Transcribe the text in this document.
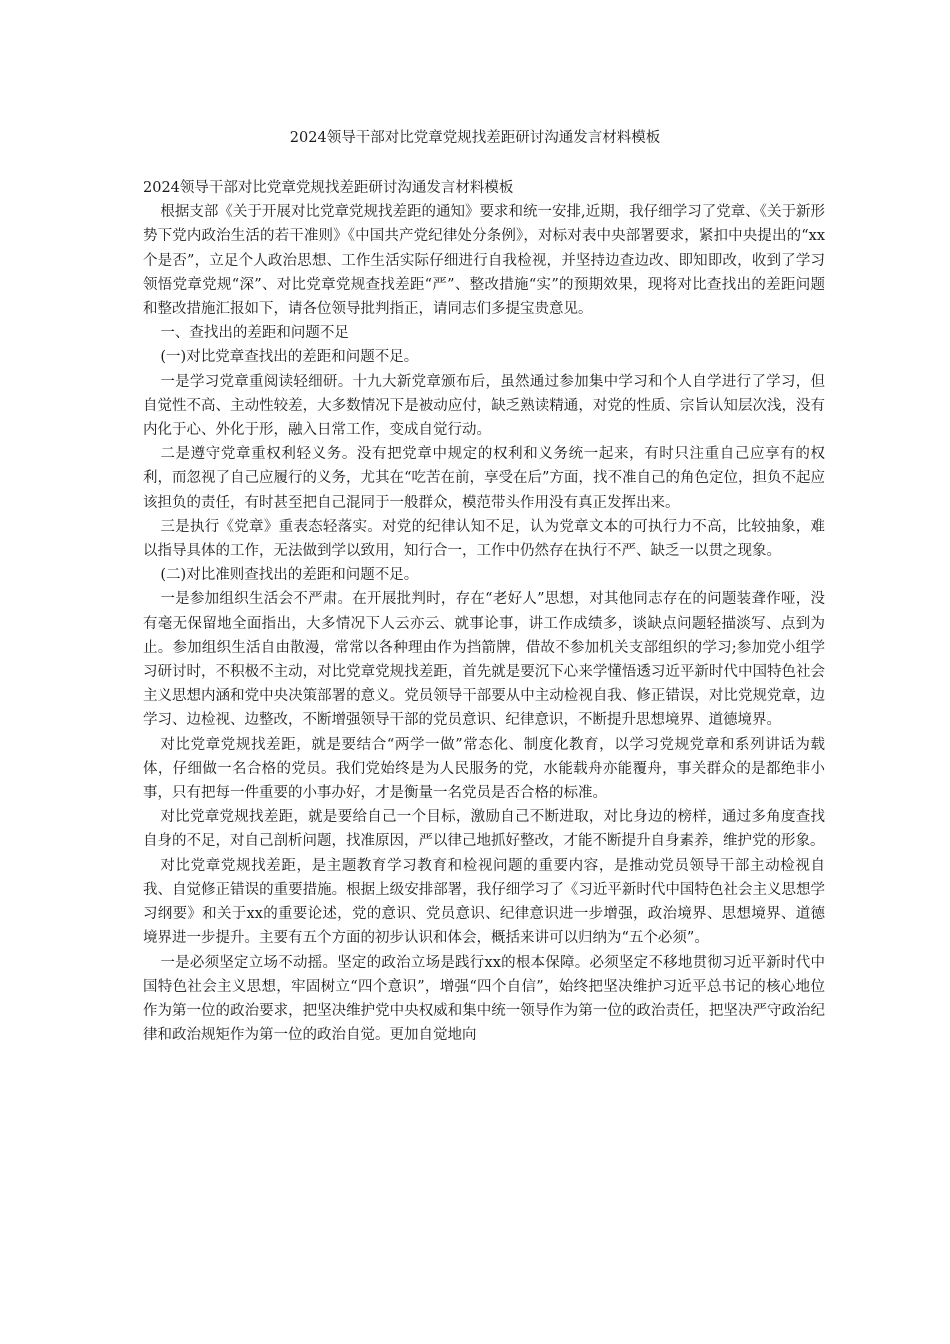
2024领导干部对比党章党规找差距研讨沟通发言材料模板

2024领导干部对比党章党规找差距研讨沟通发言材料模板

根据支部《关于开展对比党章党规找差距的通知》要求和统一安排,近期，我仔细学习了党章、《关于新形势下党内政治生活的若干准则》《中国共产党纪律处分条例》，对标对表中央部署要求，紧扣中央提出的“xx个是否”，立足个人政治思想、工作生活实际仔细进行自我检视，并坚持边查边改、即知即改，收到了学习领悟党章党规“深”、对比党章党规查找差距“严”、整改措施“实”的预期效果，现将对比查找出的差距问题和整改措施汇报如下，请各位领导批判指正，请同志们多提宝贵意见。

一、查找出的差距和问题不足

(一)对比党章查找出的差距和问题不足。

一是学习党章重阅读轻细研。十九大新党章颁布后，虽然通过参加集中学习和个人自学进行了学习，但自觉性不高、主动性较差，大多数情况下是被动应付，缺乏熟读精通，对党的性质、宗旨认知层次浅，没有内化于心、外化于形，融入日常工作，变成自觉行动。

二是遵守党章重权利轻义务。没有把党章中规定的权利和义务统一起来，有时只注重自己应享有的权利，而忽视了自己应履行的义务，尤其在“吃苦在前，享受在后”方面，找不准自己的角色定位，担负不起应该担负的责任，有时甚至把自己混同于一般群众，模范带头作用没有真正发挥出来。

三是执行《党章》重表态轻落实。对党的纪律认知不足，认为党章文本的可执行力不高，比较抽象，难以指导具体的工作，无法做到学以致用，知行合一，工作中仍然存在执行不严、缺乏一以贯之现象。

(二)对比准则查找出的差距和问题不足。

一是参加组织生活会不严肃。在开展批判时，存在“老好人”思想，对其他同志存在的问题装聋作哑，没有毫无保留地全面指出，大多情况下人云亦云、就事论事，讲工作成绩多，谈缺点问题轻描淡写、点到为止。参加组织生活自由散漫，常常以各种理由作为挡箭牌，借故不参加机关支部组织的学习;参加党小组学习研讨时，不积极不主动，对比党章党规找差距，首先就是要沉下心来学懂悟透习近平新时代中国特色社会主义思想内涵和党中央决策部署的意义。党员领导干部要从中主动检视自我、修正错误，对比党规党章，边学习、边检视、边整改，不断增强领导干部的党员意识、纪律意识，不断提升思想境界、道德境界。

对比党章党规找差距，就是要结合“两学一做”常态化、制度化教育，以学习党规党章和系列讲话为载体，仔细做一名合格的党员。我们党始终是为人民服务的党，水能载舟亦能覆舟，事关群众的是都绝非小事，只有把每一件重要的小事办好，才是衡量一名党员是否合格的标准。

对比党章党规找差距，就是要给自己一个目标，激励自己不断进取，对比身边的榜样，通过多角度查找自身的不足，对自己剖析问题，找准原因，严以律己地抓好整改，才能不断提升自身素养，维护党的形象。

对比党章党规找差距，是主题教育学习教育和检视问题的重要内容，是推动党员领导干部主动检视自我、自觉修正错误的重要措施。根据上级安排部署，我仔细学习了《习近平新时代中国特色社会主义思想学习纲要》和关于xx的重要论述，党的意识、党员意识、纪律意识进一步增强，政治境界、思想境界、道德境界进一步提升。主要有五个方面的初步认识和体会，概括来讲可以归纳为“五个必须”。

一是必须坚定立场不动摇。坚定的政治立场是践行xx的根本保障。必须坚定不移地贯彻习近平新时代中国特色社会主义思想，牢固树立“四个意识”，增强“四个自信”，始终把坚决维护习近平总书记的核心地位作为第一位的政治要求，把坚决维护党中央权威和集中统一领导作为第一位的政治责任，把坚决严守政治纪律和政治规矩作为第一位的政治自觉。更加自觉地向
